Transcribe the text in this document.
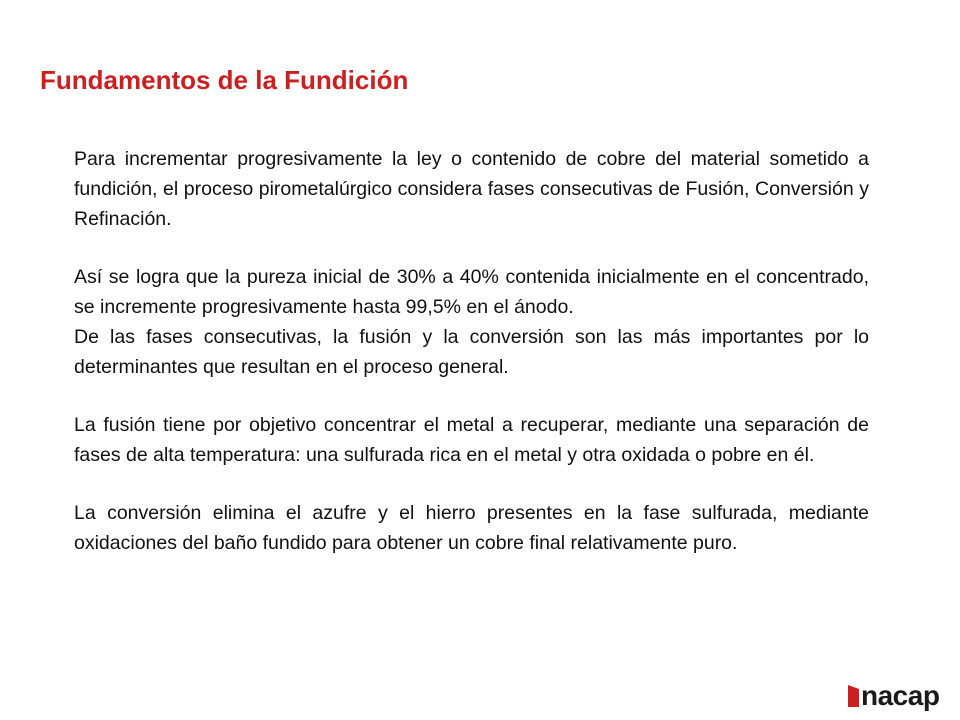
Fundamentos de la Fundición

Para incrementar progresivamente la ley o contenido de cobre del material sometido a fundición, el proceso pirometalúrgico considera fases consecutivas de Fusión, Conversión y Refinación.

Así se logra que la pureza inicial de 30% a 40% contenida inicialmente en el concentrado, se incremente progresivamente hasta 99,5% en el ánodo.

De las fases consecutivas, la fusión y la conversión son las más importantes por lo determinantes que resultan en el proceso general.

La fusión tiene por objetivo concentrar el metal a recuperar, mediante una separación de fases de alta temperatura: una sulfurada rica en el metal y otra oxidada o pobre en él.

La conversión elimina el azufre y el hierro presentes en la fase sulfurada, mediante oxidaciones del baño fundido para obtener un cobre final relativamente puro.

nacap
